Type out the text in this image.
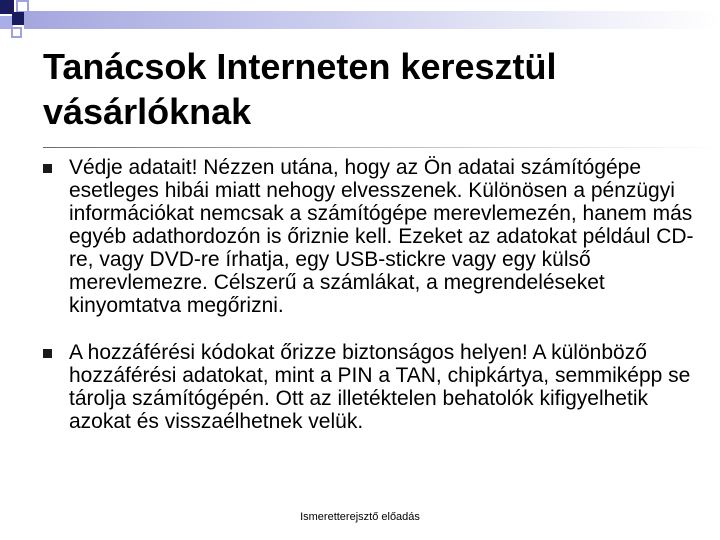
Tanácsok Interneten keresztül vásárlóknak
Védje adatait! Nézzen utána, hogy az Ön adatai számítógépe esetleges hibái miatt nehogy elvesszenek. Különösen a pénzügyi információkat nemcsak a számítógépe merevlemezén, hanem más egyéb adathordozón is őriznie kell. Ezeket az adatokat például CD-re, vagy DVD-re írhatja, egy USB-stickre vagy egy külső merevlemezre. Célszerű a számlákat, a megrendeléseket kinyomtatva megőrizni.
A hozzáférési kódokat őrizze biztonságos helyen! A különböző hozzáférési adatokat, mint a PIN a TAN, chipkártya, semmiképp se tárolja számítógépén. Ott az illetéktelen behatolók kifigyelhetik azokat és visszaélhetnek velük.
Ismeretterejsztő előadás
